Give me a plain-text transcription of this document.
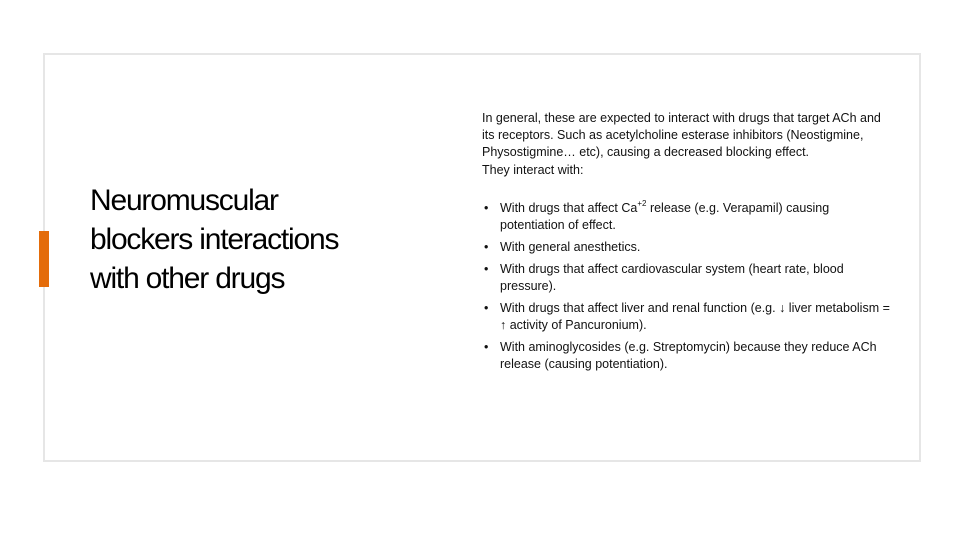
Neuromuscular blockers interactions with other drugs

In general, these are expected to interact with drugs that target ACh and its receptors. Such as acetylcholine esterase inhibitors (Neostigmine, Physostigmine… etc), causing a decreased blocking effect.

They interact with:

• With drugs that affect $Ca^{+2}$ release (e.g. Verapamil) causing potentiation of effect.
• With general anesthetics.
• With drugs that affect cardiovascular system (heart rate, blood pressure).
• With drugs that affect liver and renal function (e.g. ↓ liver metabolism = ↑ activity of Pancuronium).
• With aminoglycosides (e.g. Streptomycin) because they reduce ACh release (causing potentiation).
